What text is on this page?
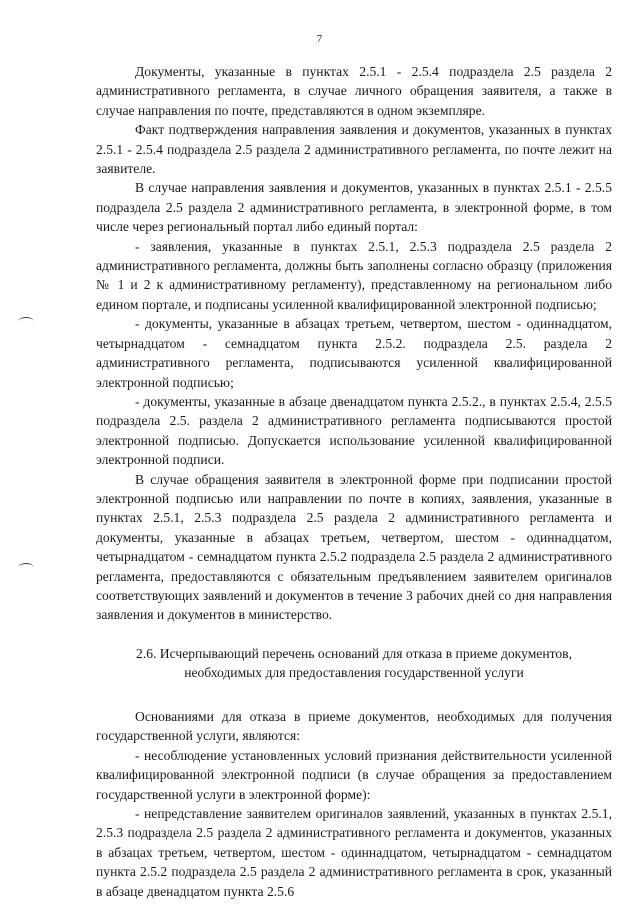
7

Документы, указанные в пунктах 2.5.1 - 2.5.4 подраздела 2.5 раздела 2 административного регламента, в случае личного обращения заявителя, а также в случае направления по почте, представляются в одном экземпляре.

Факт подтверждения направления заявления и документов, указанных в пунктах 2.5.1 - 2.5.4 подраздела 2.5 раздела 2 административного регламента, по почте лежит на заявителе.

В случае направления заявления и документов, указанных в пунктах 2.5.1 - 2.5.5 подраздела 2.5 раздела 2 административного регламента, в электронной форме, в том числе через региональный портал либо единый портал:

- заявления, указанные в пунктах 2.5.1, 2.5.3 подраздела 2.5 раздела 2 административного регламента, должны быть заполнены согласно образцу (приложения № 1 и 2 к административному регламенту), представленному на региональном либо едином портале, и подписаны усиленной квалифицированной электронной подписью;

- документы, указанные в абзацах третьем, четвертом, шестом - одиннадцатом, четырнадцатом - семнадцатом пункта 2.5.2. подраздела 2.5. раздела 2 административного регламента, подписываются усиленной квалифицированной электронной подписью;

- документы, указанные в абзаце двенадцатом пункта 2.5.2., в пунктах 2.5.4, 2.5.5 подраздела 2.5. раздела 2 административного регламента подписываются простой электронной подписью. Допускается использование усиленной квалифицированной электронной подписи.

В случае обращения заявителя в электронной форме при подписании простой электронной подписью или направлении по почте в копиях, заявления, указанные в пунктах 2.5.1, 2.5.3 подраздела 2.5 раздела 2 административного регламента и документы, указанные в абзацах третьем, четвертом, шестом - одиннадцатом, четырнадцатом - семнадцатом пункта 2.5.2 подраздела 2.5 раздела 2 административного регламента, предоставляются с обязательным предъявлением заявителем оригиналов соответствующих заявлений и документов в течение 3 рабочих дней со дня направления заявления и документов в министерство.

2.6. Исчерпывающий перечень оснований для отказа в приеме документов, необходимых для предоставления государственной услуги

Основаниями для отказа в приеме документов, необходимых для получения государственной услуги, являются:

- несоблюдение установленных условий признания действительности усиленной квалифицированной электронной подписи (в случае обращения за предоставлением государственной услуги в электронной форме):

- непредставление заявителем оригиналов заявлений, указанных в пунктах 2.5.1, 2.5.3 подраздела 2.5 раздела 2 административного регламента и документов, указанных в абзацах третьем, четвертом, шестом - одиннадцатом, четырнадцатом - семнадцатом пункта 2.5.2 подраздела 2.5 раздела 2 административного регламента в срок, указанный в абзаце двенадцатом пункта 2.5.6
